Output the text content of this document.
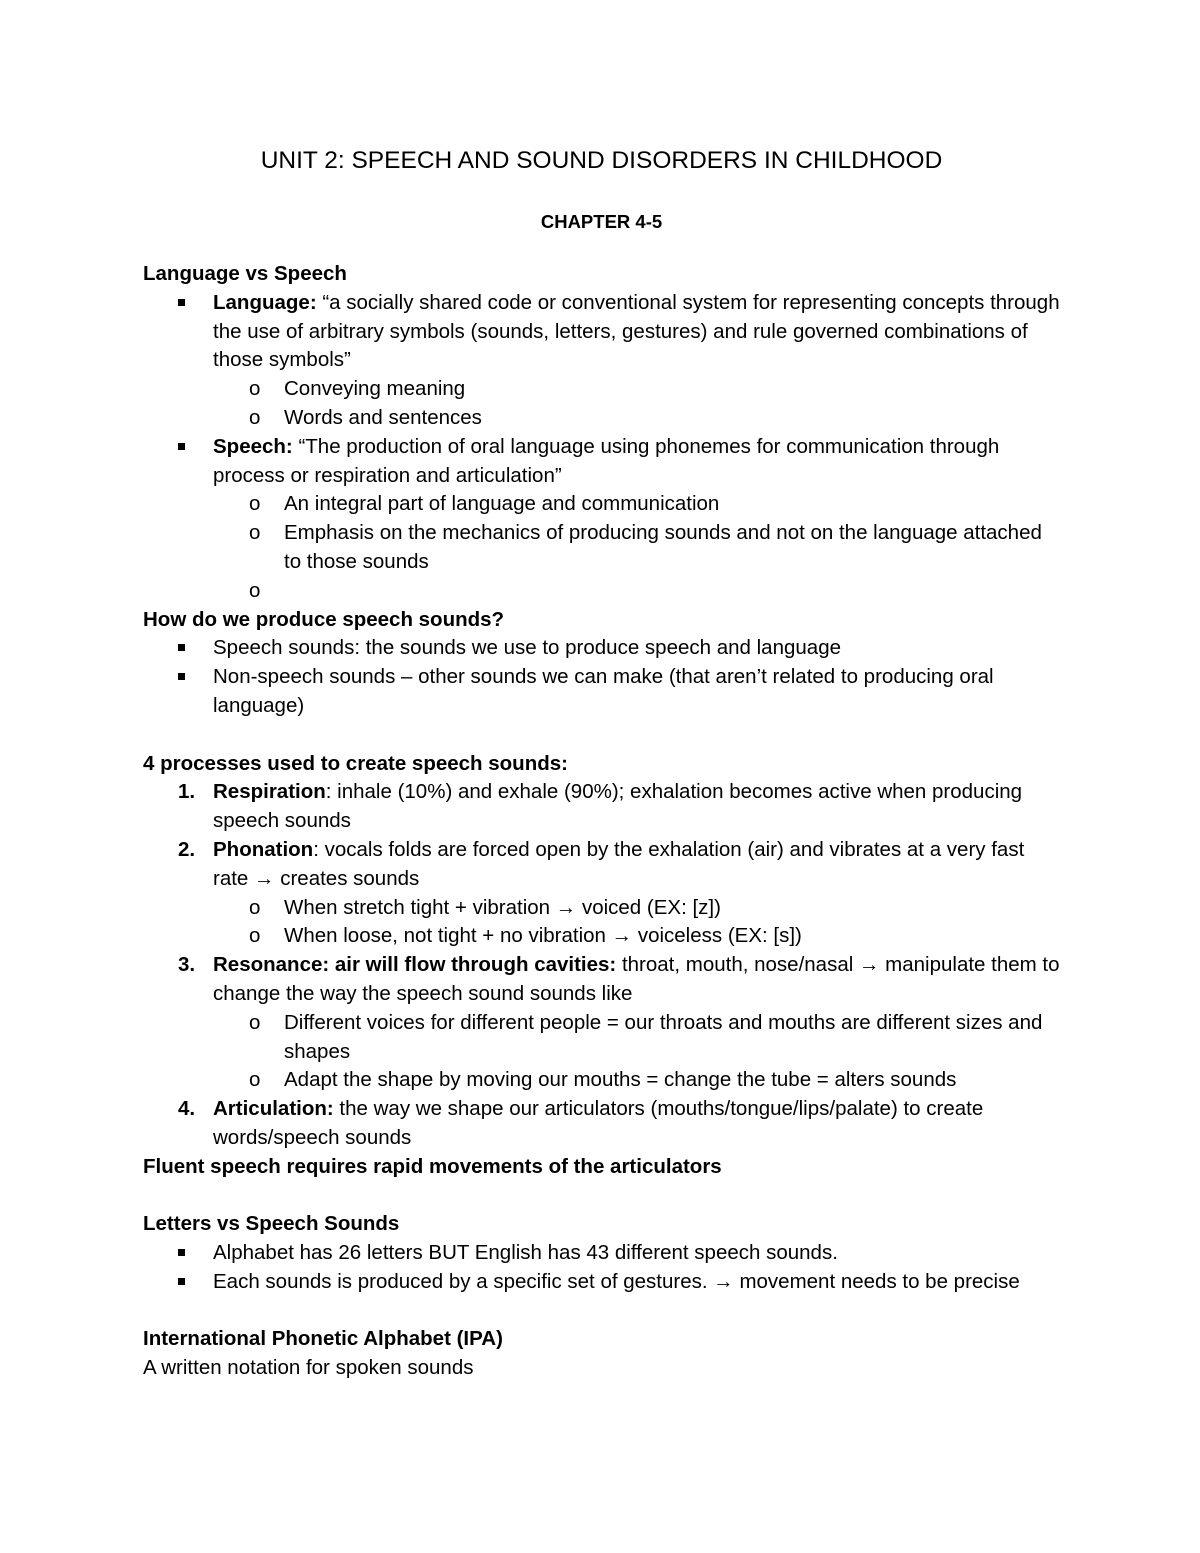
UNIT 2: SPEECH AND SOUND DISORDERS IN CHILDHOOD
CHAPTER 4-5
Language vs Speech
Language: “a socially shared code or conventional system for representing concepts through the use of arbitrary symbols (sounds, letters, gestures) and rule governed combinations of those symbols”
o Conveying meaning
o Words and sentences
Speech: “The production of oral language using phonemes for communication through process or respiration and articulation”
o An integral part of language and communication
o Emphasis on the mechanics of producing sounds and not on the language attached to those sounds
o
How do we produce speech sounds?
Speech sounds: the sounds we use to produce speech and language
Non-speech sounds – other sounds we can make (that aren’t related to producing oral language)
4 processes used to create speech sounds:
1. Respiration: inhale (10%) and exhale (90%); exhalation becomes active when producing speech sounds
2. Phonation: vocals folds are forced open by the exhalation (air) and vibrates at a very fast rate → creates sounds
o When stretch tight + vibration → voiced (EX: [z])
o When loose, not tight + no vibration → voiceless (EX: [s])
3. Resonance: air will flow through cavities: throat, mouth, nose/nasal → manipulate them to change the way the speech sound sounds like
o Different voices for different people = our throats and mouths are different sizes and shapes
o Adapt the shape by moving our mouths = change the tube = alters sounds
4. Articulation: the way we shape our articulators (mouths/tongue/lips/palate) to create words/speech sounds
Fluent speech requires rapid movements of the articulators
Letters vs Speech Sounds
Alphabet has 26 letters BUT English has 43 different speech sounds.
Each sounds is produced by a specific set of gestures. → movement needs to be precise
International Phonetic Alphabet (IPA)
A written notation for spoken sounds
